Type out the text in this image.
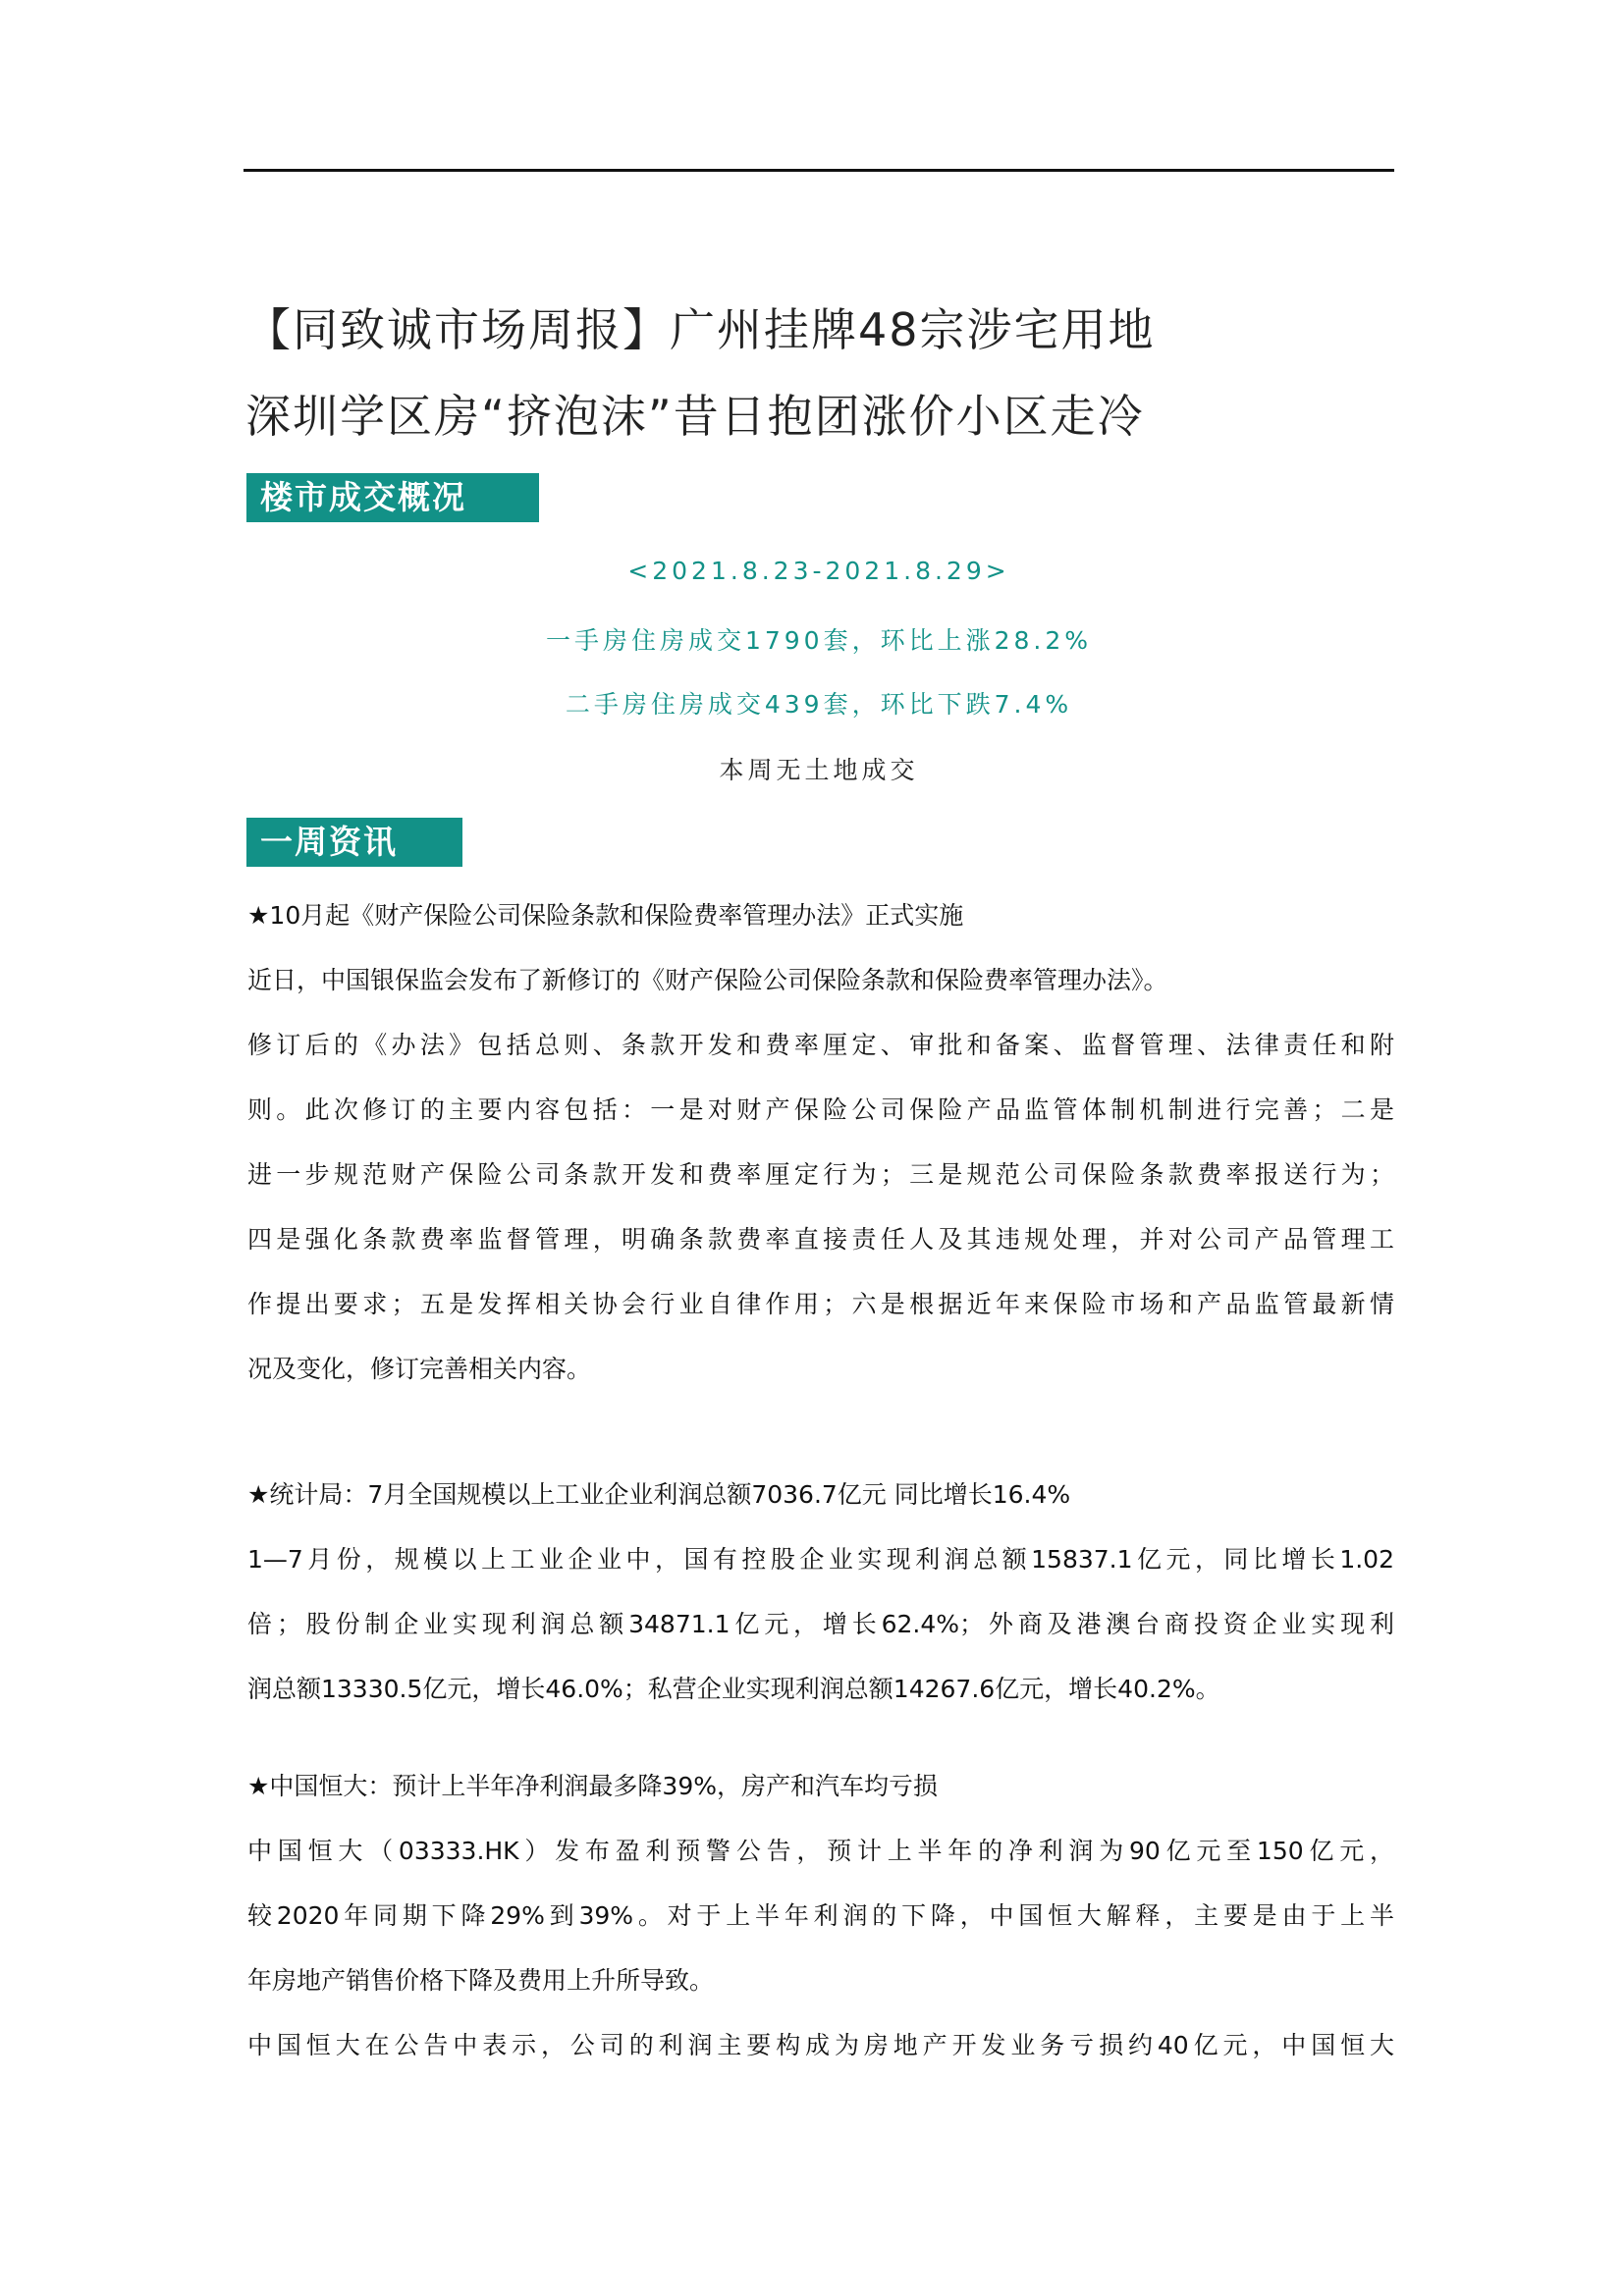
【同致诚市场周报】广州挂牌48宗涉宅用地
深圳学区房“挤泡沫”昔日抱团涨价小区走冷
楼市成交概况
<2021.8.23-2021.8.29>
一手房住房成交1790套，环比上涨28.2%
二手房住房成交439套，环比下跌7.4%
本周无土地成交
一周资讯
★10月起《财产保险公司保险条款和保险费率管理办法》正式实施
近日，中国银保监会发布了新修订的《财产保险公司保险条款和保险费率管理办法》。
修订后的《办法》包括总则、条款开发和费率厘定、审批和备案、监督管理、法律责任和附
则。此次修订的主要内容包括：一是对财产保险公司保险产品监管体制机制进行完善；二是
进一步规范财产保险公司条款开发和费率厘定行为；三是规范公司保险条款费率报送行为；
四是强化条款费率监督管理，明确条款费率直接责任人及其违规处理，并对公司产品管理工
作提出要求；五是发挥相关协会行业自律作用；六是根据近年来保险市场和产品监管最新情
况及变化，修订完善相关内容。
★统计局：7月全国规模以上工业企业利润总额7036.7亿元 同比增长16.4%
1—7月份，规模以上工业企业中，国有控股企业实现利润总额15837.1亿元，同比增长1.02
倍；股份制企业实现利润总额34871.1亿元，增长62.4%；外商及港澳台商投资企业实现利
润总额13330.5亿元，增长46.0%；私营企业实现利润总额14267.6亿元，增长40.2%。
★中国恒大：预计上半年净利润最多降39%，房产和汽车均亏损
中国恒大（03333.HK）发布盈利预警公告，预计上半年的净利润为90亿元至150亿元，
较2020年同期下降29%到39%。对于上半年利润的下降，中国恒大解释，主要是由于上半
年房地产销售价格下降及费用上升所导致。
中国恒大在公告中表示，公司的利润主要构成为房地产开发业务亏损约40亿元，中国恒大
